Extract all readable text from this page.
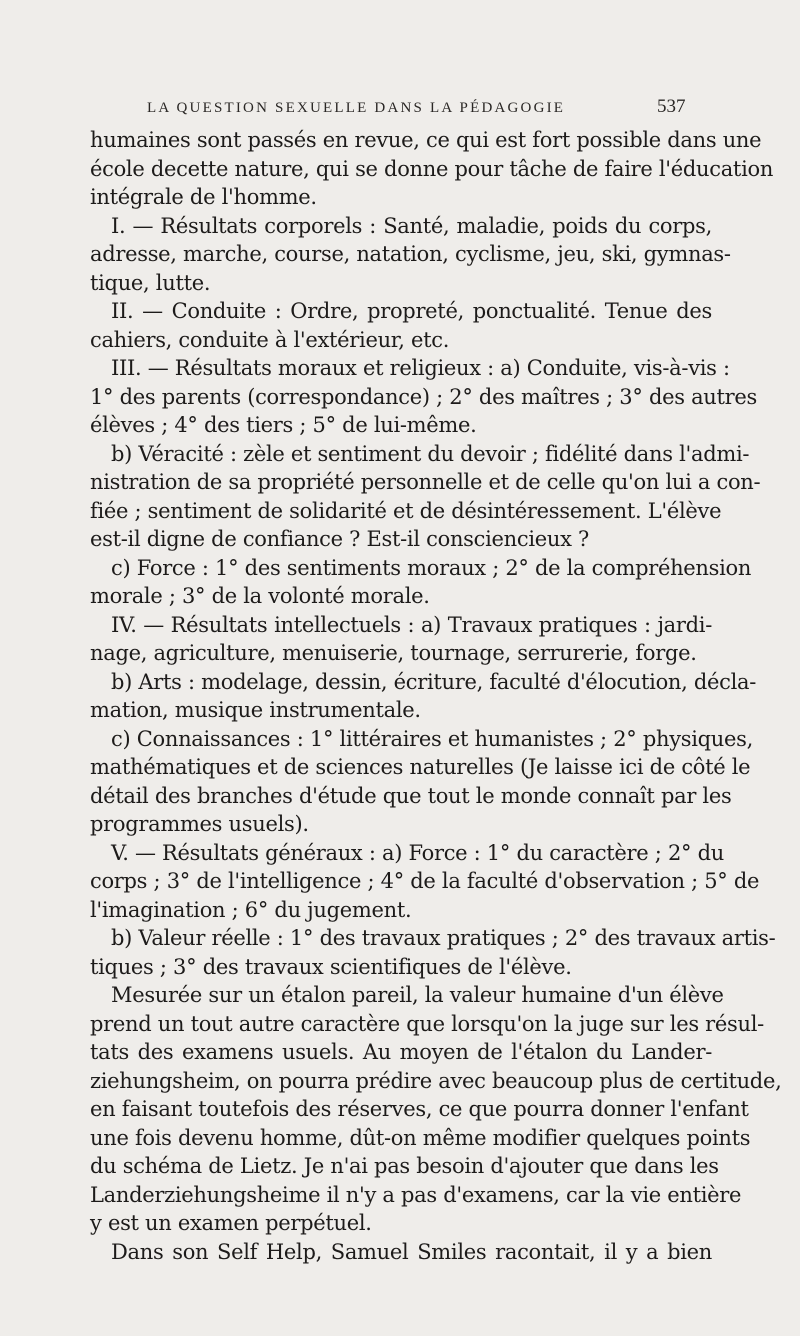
LA QUESTION SEXUELLE DANS LA PÉDAGOGIE	537
humaines sont passés en revue, ce qui est fort possible dans une
école decette nature, qui se donne pour tâche de faire l'éducation
intégrale de l'homme.
I. — Résultats corporels : Santé, maladie, poids du corps,
adresse, marche, course, natation, cyclisme, jeu, ski, gymnas-
tique, lutte.
II. — Conduite : Ordre, propreté, ponctualité. Tenue des
cahiers, conduite à l'extérieur, etc.
III. — Résultats moraux et religieux : a) Conduite, vis-à-vis :
1° des parents (correspondance) ; 2° des maîtres ; 3° des autres
élèves ; 4° des tiers ; 5° de lui-même.
b) Véracité : zèle et sentiment du devoir ; fidélité dans l'admi-
nistration de sa propriété personnelle et de celle qu'on lui a con-
fiée ; sentiment de solidarité et de désintéressement. L'élève
est-il digne de confiance ? Est-il consciencieux ?
c) Force : 1° des sentiments moraux ; 2° de la compréhension
morale ; 3° de la volonté morale.
IV. — Résultats intellectuels : a) Travaux pratiques : jardi-
nage, agriculture, menuiserie, tournage, serrurerie, forge.
b) Arts : modelage, dessin, écriture, faculté d'élocution, décla-
mation, musique instrumentale.
c) Connaissances : 1° littéraires et humanistes ; 2° physiques,
mathématiques et de sciences naturelles (Je laisse ici de côté le
détail des branches d'étude que tout le monde connaît par les
programmes usuels).
V. — Résultats généraux : a) Force : 1° du caractère ; 2° du
corps ; 3° de l'intelligence ; 4° de la faculté d'observation ; 5° de
l'imagination ; 6° du jugement.
b) Valeur réelle : 1° des travaux pratiques ; 2° des travaux artis-
tiques ; 3° des travaux scientifiques de l'élève.
Mesurée sur un étalon pareil, la valeur humaine d'un élève
prend un tout autre caractère que lorsqu'on la juge sur les résul-
tats des examens usuels. Au moyen de l'étalon du Lander-
ziehungsheim, on pourra prédire avec beaucoup plus de certitude,
en faisant toutefois des réserves, ce que pourra donner l'enfant
une fois devenu homme, dût-on même modifier quelques points
du schéma de Lietz. Je n'ai pas besoin d'ajouter que dans les
Landerziehungsheime il n'y a pas d'examens, car la vie entière
y est un examen perpétuel.
Dans son Self Help, Samuel Smiles racontait, il y a bien
